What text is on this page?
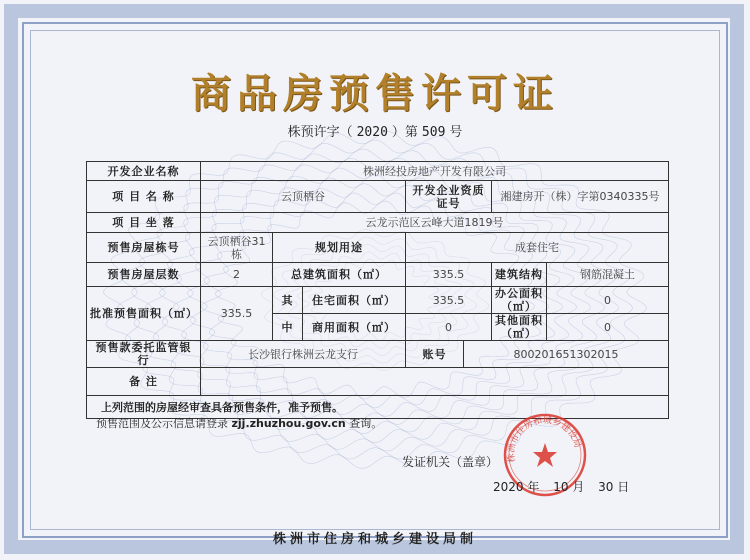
商品房预售许可证
株预许字（ 2020 ）第 509 号
开发企业名称	株洲经投房地产开发有限公司						
项 目 名 称	云顶栖谷			开发企业资质证号		湘建房开（株）字第0340335号	
项 目 坐 落	云龙示范区云峰大道1819号						
预售房屋栋号	云顶栖谷31栋	规划用途		成套住宅			
预售房屋层数	2	总建筑面积（㎡）		335.5		建筑结构	钢筋混凝土
批准预售面积（㎡）	335.5	其	住宅面积（㎡）	335.5		办公面积（㎡）	0
		中	商用面积（㎡）	0		其他面积（㎡）	0
预售款委托监管银行	长沙银行株洲云龙支行			账号	800201651302015		
备 注							
上列范围的房屋经审查具备预售条件，准予预售。							
预售范围及公示信息请登录 zjj.zhuzhou.gov.cn 查询。
株洲市住房和城乡建设局
发证机关（盖章）
2020 年 10 月 30 日
株洲市住房和城乡建设局制
